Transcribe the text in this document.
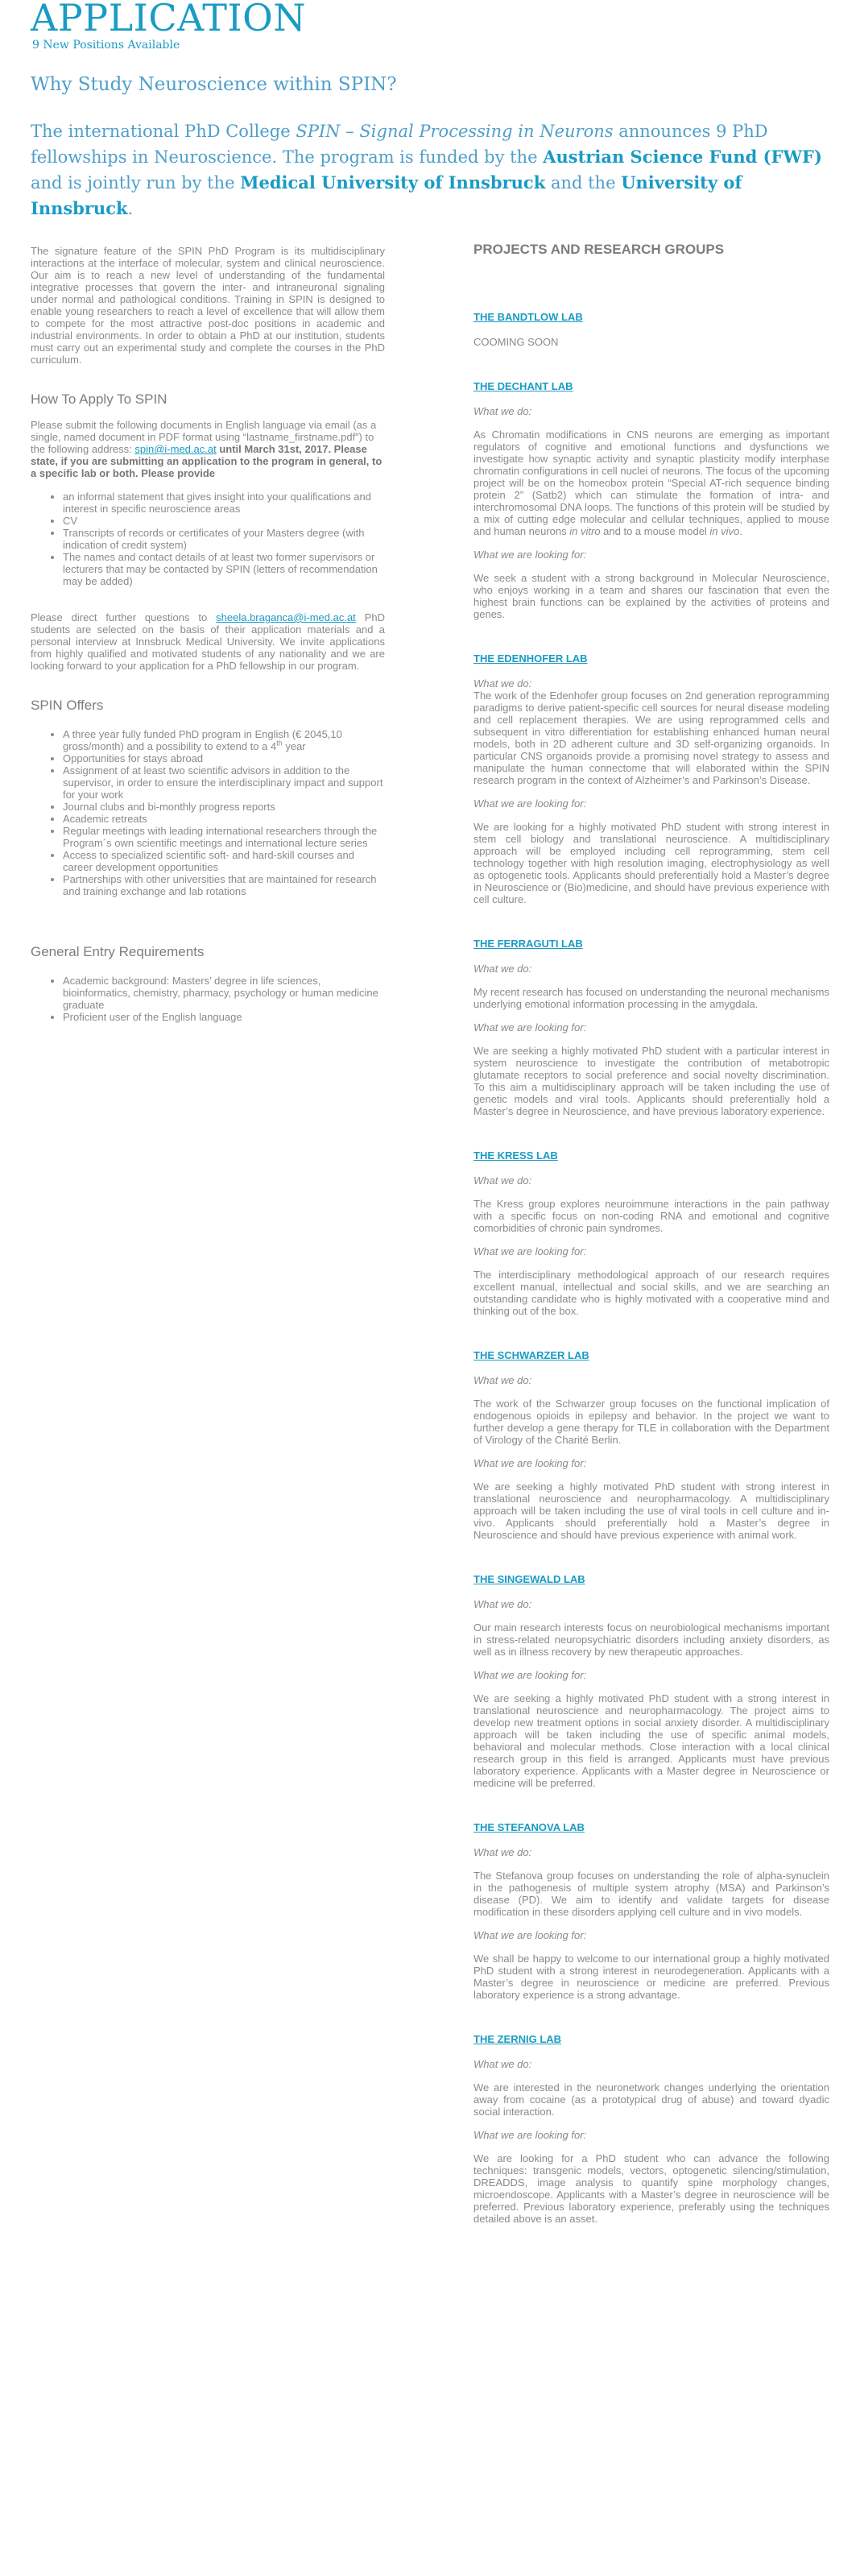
APPLICATION
9 New Positions Available
Why Study Neuroscience within SPIN?

The international PhD College SPIN – Signal Processing in Neurons announces 9 PhD fellowships in Neuroscience. The program is funded by the Austrian Science Fund (FWF) and is jointly run by the Medical University of Innsbruck and the University of Innsbruck.

The signature feature of the SPIN PhD Program is its multidisciplinary interactions at the interface of molecular, system and clinical neuroscience. Our aim is to reach a new level of understanding of the fundamental integrative processes that govern the inter- and intraneuronal signaling under normal and pathological conditions. Training in SPIN is designed to enable young researchers to reach a level of excellence that will allow them to compete for the most attractive post-doc positions in academic and industrial environments. In order to obtain a PhD at our institution, students must carry out an experimental study and complete the courses in the PhD curriculum.

How To Apply To SPIN

Please submit the following documents in English language via email (as a single, named document in PDF format using “lastname_firstname.pdf”) to the following address: spin@i-med.ac.at until March 31st, 2017. Please state, if you are submitting an application to the program in general, to a specific lab or both. Please provide

• an informal statement that gives insight into your qualifications and interest in specific neuroscience areas
• CV
• Transcripts of records or certificates of your Masters degree (with indication of credit system)
• The names and contact details of at least two former supervisors or lecturers that may be contacted by SPIN (letters of recommendation may be added)

Please direct further questions to sheela.braganca@i-med.ac.at PhD students are selected on the basis of their application materials and a personal interview at Innsbruck Medical University. We invite applications from highly qualified and motivated students of any nationality and we are looking forward to your application for a PhD fellowship in our program.

SPIN Offers
• A three year fully funded PhD program in English (€ 2045,10 gross/month) and a possibility to extend to a 4th year
• Opportunities for stays abroad
• Assignment of at least two scientific advisors in addition to the supervisor, in order to ensure the interdisciplinary impact and support for your work
• Journal clubs and bi-monthly progress reports
• Academic retreats
• Regular meetings with leading international researchers through the Program´s own scientific meetings and international lecture series
• Access to specialized scientific soft- and hard-skill courses and career development opportunities
• Partnerships with other universities that are maintained for research and training exchange and lab rotations
General Entry Requirements
• Academic background: Masters’ degree in life sciences, bioinformatics, chemistry, pharmacy, psychology or human medicine graduate
• Proficient user of the English language
PROJECTS AND RESEARCH GROUPS
THE BANDTLOW LAB

COOMING SOON

THE DECHANT LAB

What we do:

As Chromatin modifications in CNS neurons are emerging as important regulators of cognitive and emotional functions and dysfunctions we investigate how synaptic activity and synaptic plasticity modify interphase chromatin configurations in cell nuclei of neurons. The focus of the upcoming project will be on the homeobox protein “Special AT-rich sequence binding protein 2” (Satb2) which can stimulate the formation of intra- and interchromosomal DNA loops. The functions of this protein will be studied by a mix of cutting edge molecular and cellular techniques, applied to mouse and human neurons in vitro and to a mouse model in vivo.

What we are looking for:

We seek a student with a strong background in Molecular Neuroscience, who enjoys working in a team and shares our fascination that even the highest brain functions can be explained by the activities of proteins and genes.

THE EDENHOFER LAB

What we do:

The work of the Edenhofer group focuses on 2nd generation reprogramming paradigms to derive patient-specific cell sources for neural disease modeling and cell replacement therapies. We are using reprogrammed cells and subsequent in vitro differentiation for establishing enhanced human neural models, both in 2D adherent culture and 3D self-organizing organoids. In particular CNS organoids provide a promising novel strategy to assess and manipulate the human connectome that will elaborated within the SPIN research program in the context of Alzheimer’s and Parkinson’s Disease.

What we are looking for:

We are looking for a highly motivated PhD student with strong interest in stem cell biology and translational neuroscience. A multidisciplinary approach will be employed including cell reprogramming, stem cell technology together with high resolution imaging, electrophysiology as well as optogenetic tools. Applicants should preferentially hold a Master’s degree in Neuroscience or (Bio)medicine, and should have previous experience with cell culture.

THE FERRAGUTI LAB

What we do:

My recent research has focused on understanding the neuronal mechanisms underlying emotional information processing in the amygdala.

What we are looking for:

We are seeking a highly motivated PhD student with a particular interest in system neuroscience to investigate the contribution of metabotropic glutamate receptors to social preference and social novelty discrimination. To this aim a multidisciplinary approach will be taken including the use of genetic models and viral tools. Applicants should preferentially hold a Master’s degree in Neuroscience, and have previous laboratory experience.

THE KRESS LAB

What we do:

The Kress group explores neuroimmune interactions in the pain pathway with a specific focus on non-coding RNA and emotional and cognitive comorbidities of chronic pain syndromes.

What we are looking for:

The interdisciplinary methodological approach of our research requires excellent manual, intellectual and social skills, and we are searching an outstanding candidate who is highly motivated with a cooperative mind and thinking out of the box.

THE SCHWARZER LAB

What we do:

The work of the Schwarzer group focuses on the functional implication of endogenous opioids in epilepsy and behavior. In the project we want to further develop a gene therapy for TLE in collaboration with the Department of Virology of the Charité Berlin.

What we are looking for:

We are seeking a highly motivated PhD student with strong interest in translational neuroscience and neuropharmacology. A multidisciplinary approach will be taken including the use of viral tools in cell culture and in-vivo. Applicants should preferentially hold a Master’s degree in Neuroscience and should have previous experience with animal work.

THE SINGEWALD LAB

What we do:

Our main research interests focus on neurobiological mechanisms important in stress-related neuropsychiatric disorders including anxiety disorders, as well as in illness recovery by new therapeutic approaches.

What we are looking for:

We are seeking a highly motivated PhD student with a strong interest in translational neuroscience and neuropharmacology. The project aims to develop new treatment options in social anxiety disorder. A multidisciplinary approach will be taken including the use of specific animal models, behavioral and molecular methods. Close interaction with a local clinical research group in this field is arranged. Applicants must have previous laboratory experience. Applicants with a Master degree in Neuroscience or medicine will be preferred.

THE STEFANOVA LAB

What we do:

The Stefanova group focuses on understanding the role of alpha-synuclein in the pathogenesis of multiple system atrophy (MSA) and Parkinson’s disease (PD). We aim to identify and validate targets for disease modification in these disorders applying cell culture and in vivo models.

What we are looking for:

We shall be happy to welcome to our international group a highly motivated PhD student with a strong interest in neurodegeneration. Applicants with a Master’s degree in neuroscience or medicine are preferred. Previous laboratory experience is a strong advantage.

THE ZERNIG LAB

What we do:

We are interested in the neuronetwork changes underlying the orientation away from cocaine (as a prototypical drug of abuse) and toward dyadic social interaction.

What we are looking for:

We are looking for a PhD student who can advance the following techniques: transgenic models, vectors, optogenetic silencing/stimulation, DREADDS, image analysis to quantify spine morphology changes, microendoscope. Applicants with a Master’s degree in neuroscience will be preferred. Previous laboratory experience, preferably using the techniques detailed above is an asset.
